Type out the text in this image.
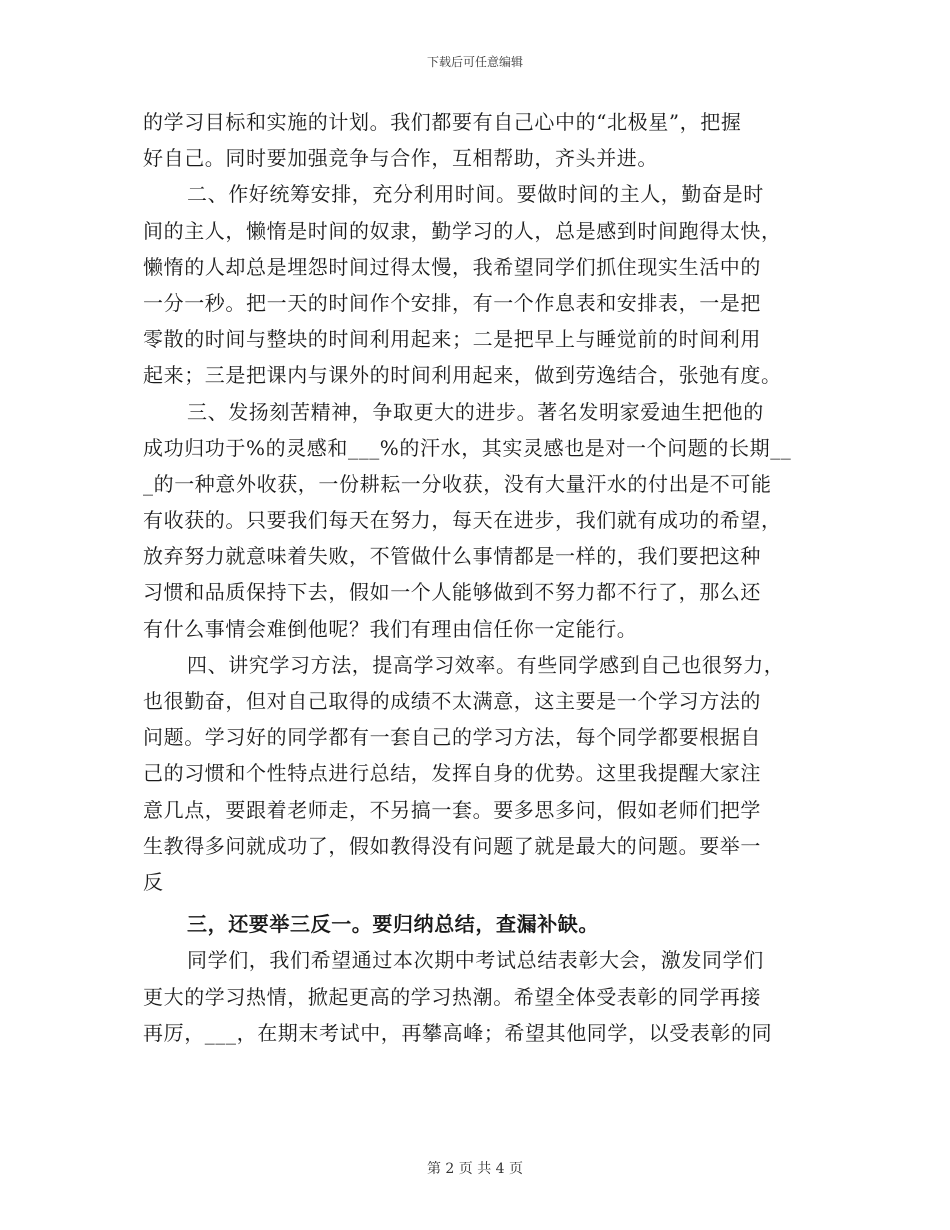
下载后可任意编辑
的学习目标和实施的计划。我们都要有自己心中的“北极星”，把握
好自己。同时要加强竞争与合作，互相帮助，齐头并进。
二、作好统筹安排，充分利用时间。要做时间的主人，勤奋是时
间的主人，懒惰是时间的奴隶，勤学习的人，总是感到时间跑得太快，
懒惰的人却总是埋怨时间过得太慢，我希望同学们抓住现实生活中的
一分一秒。把一天的时间作个安排，有一个作息表和安排表，一是把
零散的时间与整块的时间利用起来；二是把早上与睡觉前的时间利用
起来；三是把课内与课外的时间利用起来，做到劳逸结合，张弛有度。
三、发扬刻苦精神，争取更大的进步。著名发明家爱迪生把他的
成功归功于%的灵感和___%的汗水，其实灵感也是对一个问题的长期__
_的一种意外收获，一份耕耘一分收获，没有大量汗水的付出是不可能
有收获的。只要我们每天在努力，每天在进步，我们就有成功的希望，
放弃努力就意味着失败，不管做什么事情都是一样的，我们要把这种
习惯和品质保持下去，假如一个人能够做到不努力都不行了，那么还
有什么事情会难倒他呢？我们有理由信任你一定能行。
四、讲究学习方法，提高学习效率。有些同学感到自己也很努力，
也很勤奋，但对自己取得的成绩不太满意，这主要是一个学习方法的
问题。学习好的同学都有一套自己的学习方法，每个同学都要根据自
己的习惯和个性特点进行总结，发挥自身的优势。这里我提醒大家注
意几点，要跟着老师走，不另搞一套。要多思多问，假如老师们把学
生教得多问就成功了，假如教得没有问题了就是最大的问题。要举一
反
三，还要举三反一。要归纳总结，查漏补缺。
同学们，我们希望通过本次期中考试总结表彰大会，激发同学们
更大的学习热情，掀起更高的学习热潮。希望全体受表彰的同学再接
再厉，___，在期末考试中，再攀高峰；希望其他同学，以受表彰的同
第 2 页 共 4 页
